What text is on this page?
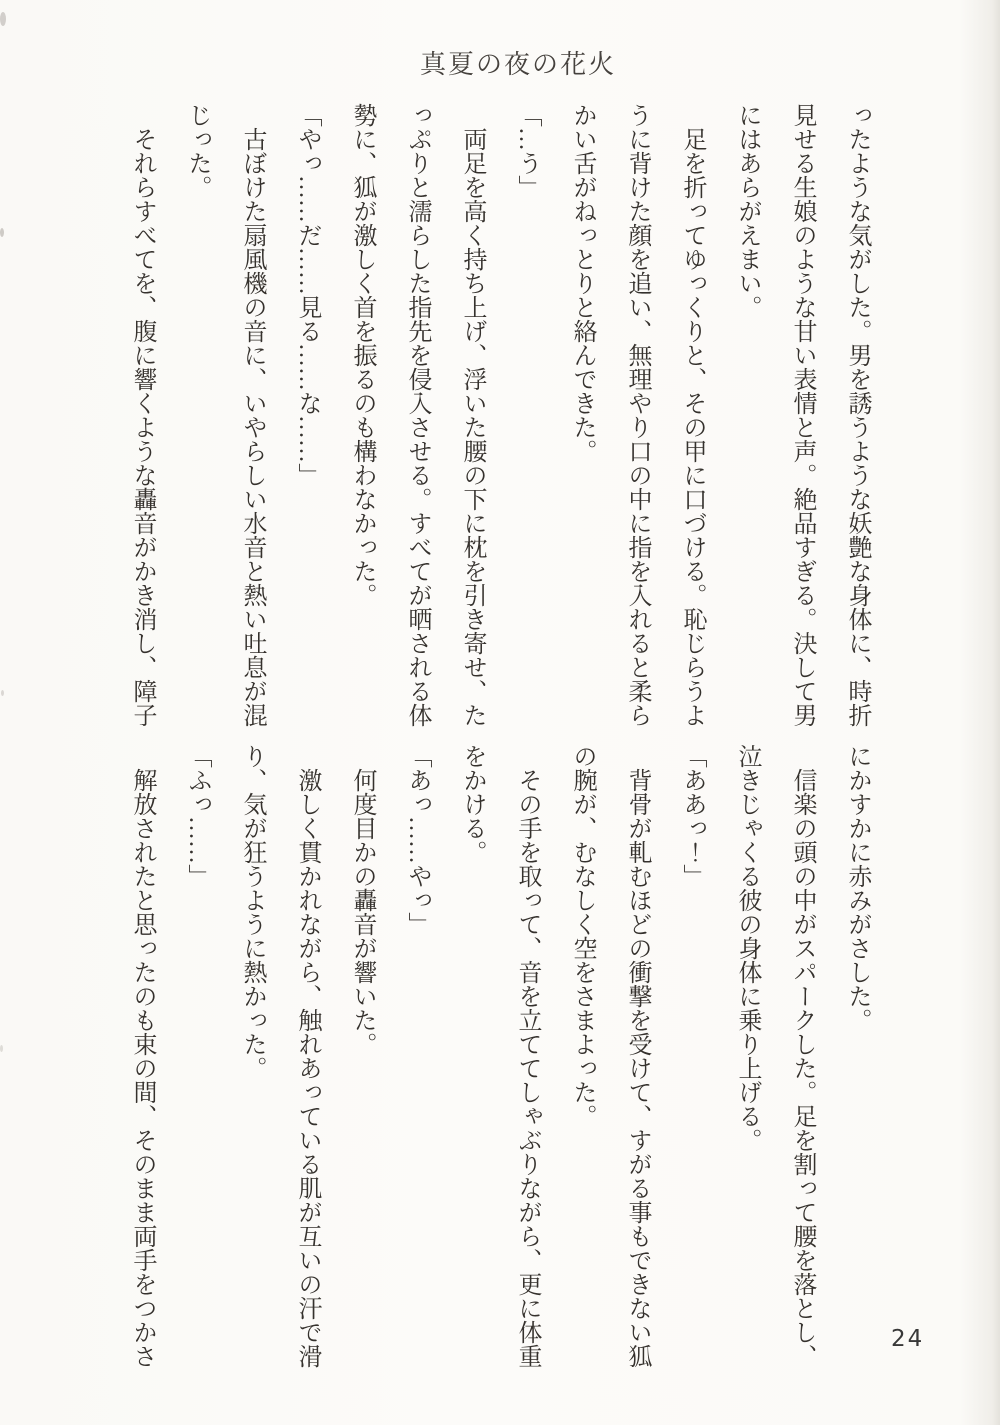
真夏の夜の花火
ったような気がした。男を誘うような妖艶な身体に、時折
見せる生娘のような甘い表情と声。絶品すぎる。決して男
にはあらがえまい。
足を折ってゆっくりと、その甲に口づける。恥じらうよ
うに背けた顔を追い、無理やり口の中に指を入れると柔ら
かい舌がねっとりと絡んできた。
「…う」
両足を高く持ち上げ、浮いた腰の下に枕を引き寄せ、た
っぷりと濡らした指先を侵入させる。すべてが晒される体
勢に、狐が激しく首を振るのも構わなかった。
「やっ……だ……見る……な……」
古ぼけた扇風機の音に、いやらしい水音と熱い吐息が混
じった。
それらすべてを、腹に響くような轟音がかき消し、障子
にかすかに赤みがさした。
信楽の頭の中がスパークした。足を割って腰を落とし、
泣きじゃくる彼の身体に乗り上げる。
「ああっ！」
背骨が軋むほどの衝撃を受けて、すがる事もできない狐
の腕が、むなしく空をさまよった。
その手を取って、音を立ててしゃぶりながら、更に体重
をかける。
「あっ……やっ」
何度目かの轟音が響いた。
激しく貫かれながら、触れあっている肌が互いの汗で滑
り、気が狂うように熱かった。
「ふっ……」
解放されたと思ったのも束の間、そのまま両手をつかさ	24
